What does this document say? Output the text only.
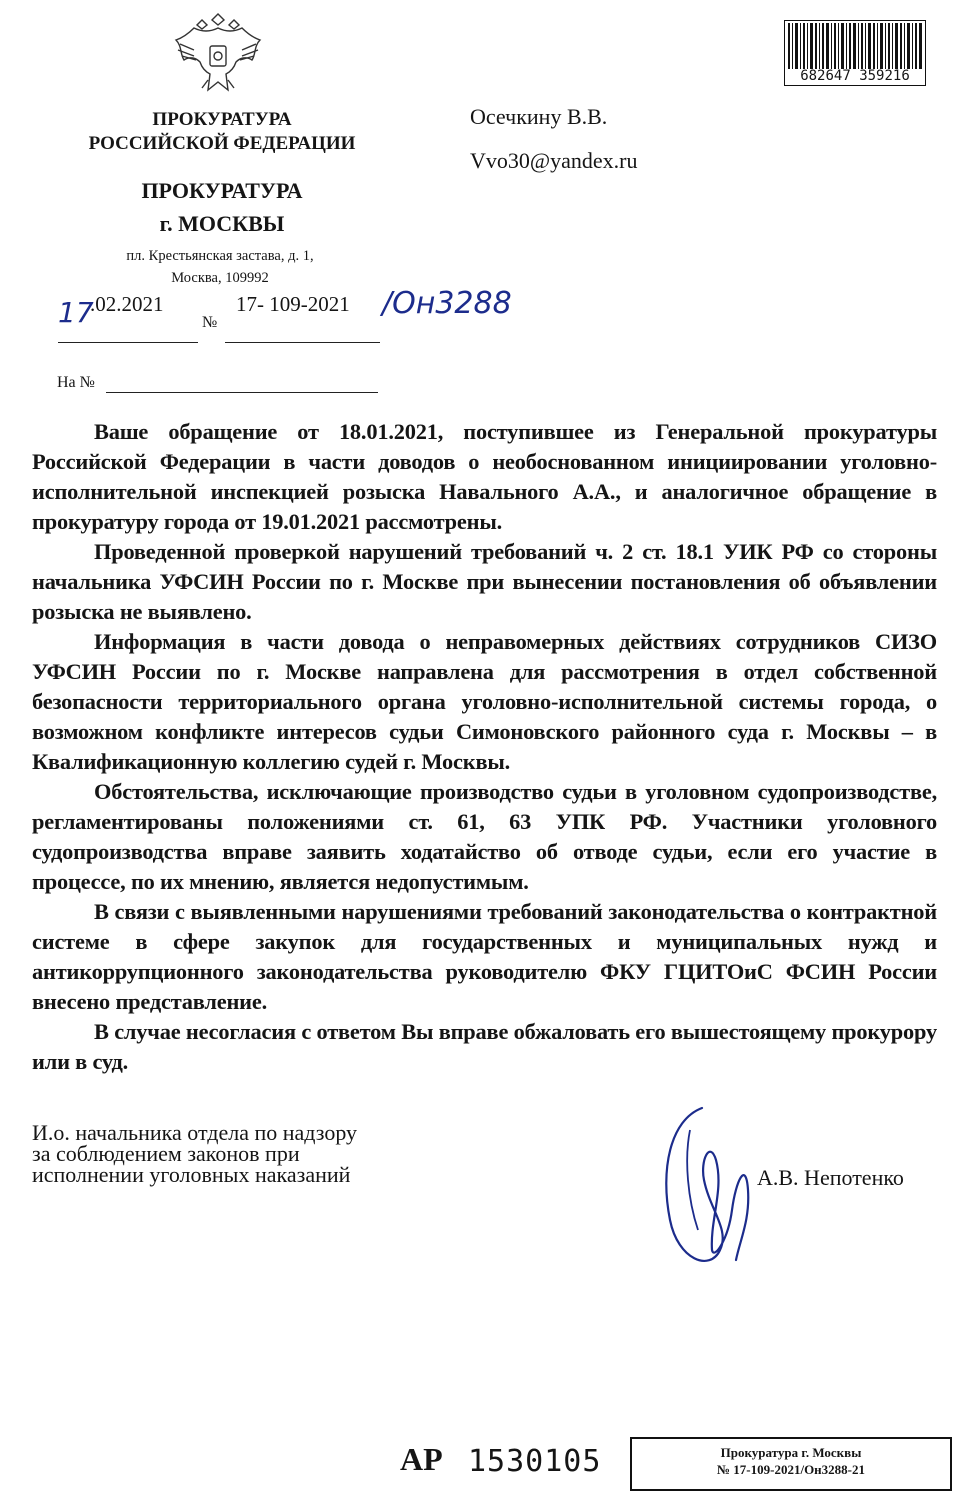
ПРОКУРАТУРА
РОССИЙСКОЙ ФЕДЕРАЦИИ
ПРОКУРАТУРА
г. МОСКВЫ
пл. Крестьянская застава, д. 1,
Москва, 109992
17
.02.2021
№
17- 109-2021 /Он3288
На №
Осечкину В.В.
Vvo30@yandex.ru
682647 359216

Ваше обращение от 18.01.2021, поступившее из Генеральной прокуратуры Российской Федерации в части доводов о необоснованном инициировании уголовно-исполнительной инспекцией розыска Навального А.А., и аналогичное обращение в прокуратуру города от 19.01.2021 рассмотрены.

Проведенной проверкой нарушений требований ч. 2 ст. 18.1 УИК РФ со стороны начальника УФСИН России по г. Москве при вынесении постановления об объявлении розыска не выявлено.

Информация в части довода о неправомерных действиях сотрудников СИЗО УФСИН России по г. Москве направлена для рассмотрения в отдел собственной безопасности территориального органа уголовно-исполнительной системы города, о возможном конфликте интересов судьи Симоновского районного суда г. Москвы – в Квалификационную коллегию судей г. Москвы.

Обстоятельства, исключающие производство судьи в уголовном судопроизводстве, регламентированы положениями ст. 61, 63 УПК РФ. Участники уголовного судопроизводства вправе заявить ходатайство об отводе судьи, если его участие в процессе, по их мнению, является недопустимым.

В связи с выявленными нарушениями требований законодательства о контрактной системе в сфере закупок для государственных и муниципальных нужд и антикоррупционного законодательства руководителю ФКУ ГЦИТОиС ФСИН России внесено представление.

В случае несогласия с ответом Вы вправе обжаловать его вышестоящему прокурору или в суд.

И.о. начальника отдела по надзору
за соблюдением законов при
исполнении уголовных наказаний	А.В. Непотенко
АР 1530105	Прокуратура г. Москвы
№ 17-109-2021/Он3288-21
